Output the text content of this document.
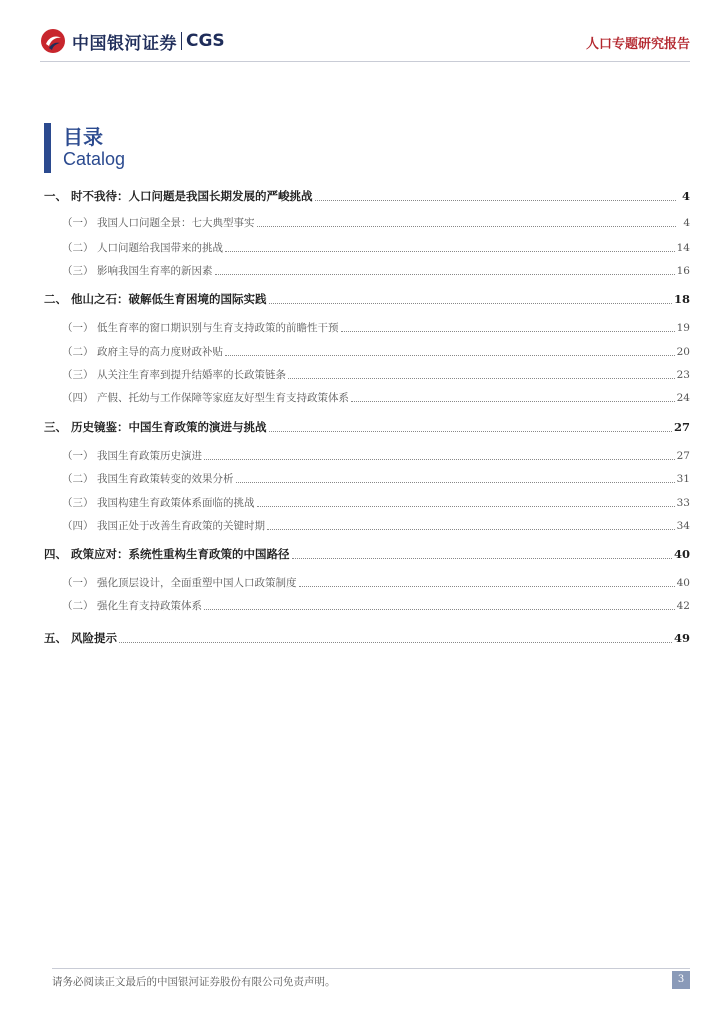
中国银河证券 CGS	人口专题研究报告
目录
Catalog
一、 时不我待：人口问题是我国长期发展的严峻挑战	4
（一） 我国人口问题全景：七大典型事实	4
（二） 人口问题给我国带来的挑战	14
（三） 影响我国生育率的新因素	16
二、 他山之石：破解低生育困境的国际实践	18
（一） 低生育率的窗口期识别与生育支持政策的前瞻性干预	19
（二） 政府主导的高力度财政补贴	20
（三） 从关注生育率到提升结婚率的长政策链条	23
（四） 产假、托幼与工作保障等家庭友好型生育支持政策体系	24
三、 历史镜鉴：中国生育政策的演进与挑战	27
（一） 我国生育政策历史演进	27
（二） 我国生育政策转变的效果分析	31
（三） 我国构建生育政策体系面临的挑战	33
（四） 我国正处于改善生育政策的关键时期	34
四、 政策应对：系统性重构生育政策的中国路径	40
（一） 强化顶层设计，全面重塑中国人口政策制度	40
（二） 强化生育支持政策体系	42
五、 风险提示	49
请务必阅读正文最后的中国银河证券股份有限公司免责声明。	3
